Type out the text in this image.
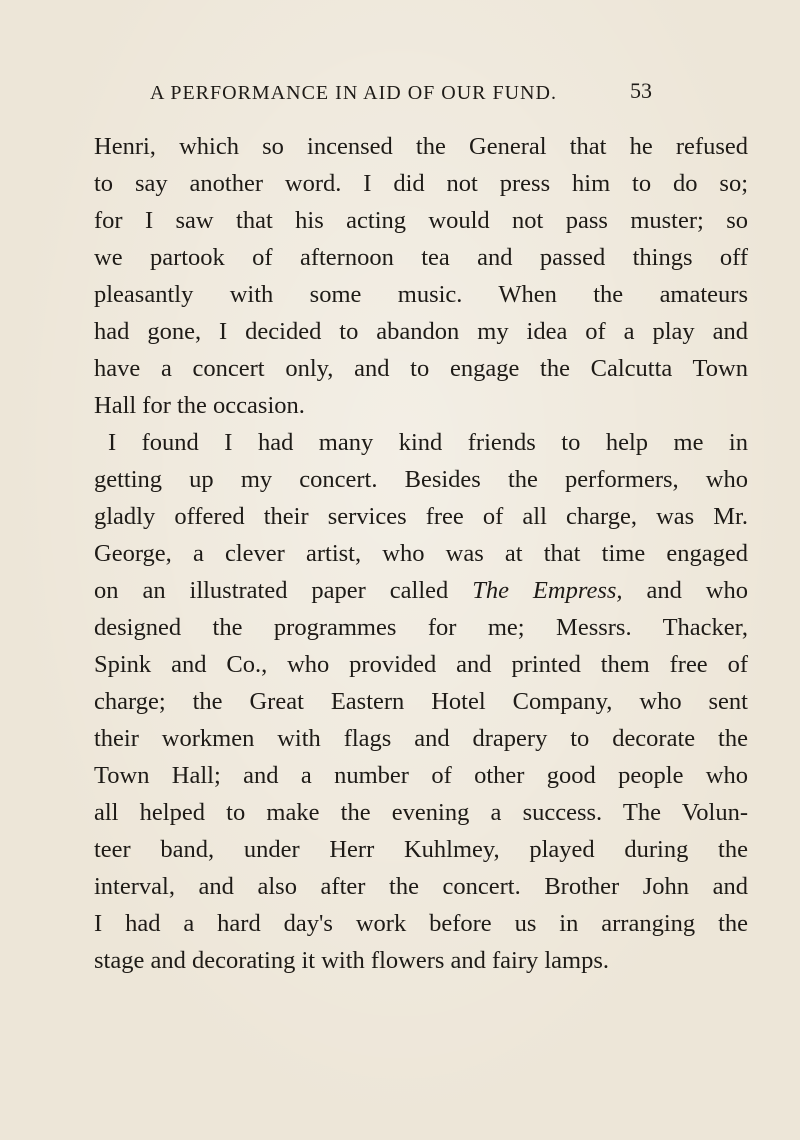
A PERFORMANCE IN AID OF OUR FUND.	53
Henri, which so incensed the General that he refused
to say another word. I did not press him to do so;
for I saw that his acting would not pass muster; so
we partook of afternoon tea and passed things off
pleasantly with some music. When the amateurs
had gone, I decided to abandon my idea of a play and
have a concert only, and to engage the Calcutta Town
Hall for the occasion.
I found I had many kind friends to help me in
getting up my concert. Besides the performers, who
gladly offered their services free of all charge, was Mr.
George, a clever artist, who was at that time engaged
on an illustrated paper called The Empress, and who
designed the programmes for me; Messrs. Thacker,
Spink and Co., who provided and printed them free of
charge; the Great Eastern Hotel Company, who sent
their workmen with flags and drapery to decorate the
Town Hall; and a number of other good people who
all helped to make the evening a success. The Volun-
teer band, under Herr Kuhlmey, played during the
interval, and also after the concert. Brother John and
I had a hard day's work before us in arranging the
stage and decorating it with flowers and fairy lamps.
